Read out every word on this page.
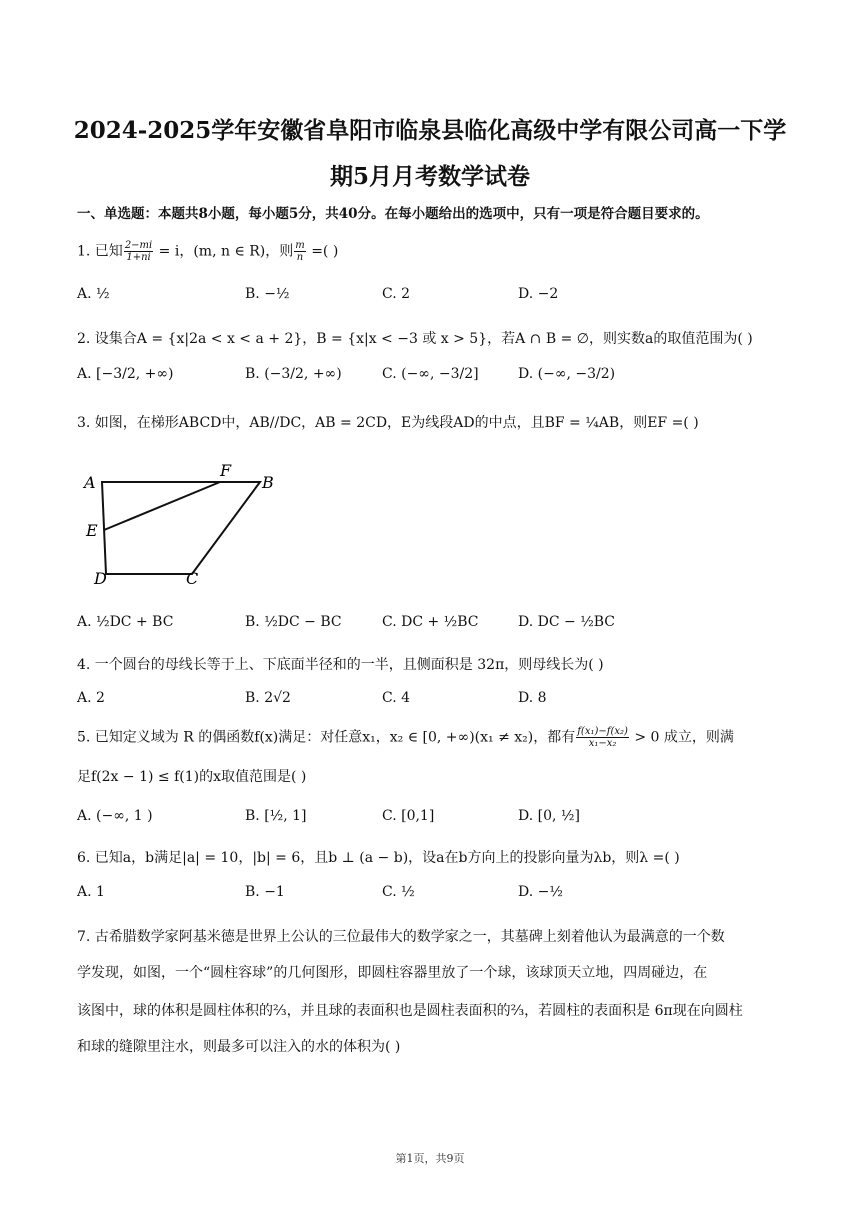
2024-2025学年安徽省阜阳市临泉县临化高级中学有限公司高一下学
期5月月考数学试卷
一、单选题：本题共8小题，每小题5分，共40分。在每小题给出的选项中，只有一项是符合题目要求的。
1. 已知 $\frac{2-mi}{1+ni} = i$，(m, n ∈ R)，则 $\frac{m}{n}$ =( )
A. ½	B. −½	C. 2	D. −2
2. 设集合A = {x|2a < x < a + 2}，B = {x|x < −3 或 x > 5}，若A ∩ B = ∅，则实数a的取值范围为( )
A. [−3/2, +∞)	B. (−3/2, +∞)	C. (−∞, −3/2]	D. (−∞, −3/2)
3. 如图，在梯形ABCD中，AB//DC，AB = 2CD，E为线段AD的中点，且BF = ¼AB，则EF =( )
A
F
B
E
D	C
A. ½DC + BC	B. ½DC − BC	C. DC + ½BC	D. DC − ½BC
4. 一个圆台的母线长等于上、下底面半径和的一半，且侧面积是 32π，则母线长为( )
A. 2	B. 2√2	C. 4	D. 8
5. 已知定义域为 R 的偶函数f(x)满足：对任意x₁，x₂ ∈ [0, +∞)(x₁ ≠ x₂)，都有 $\frac{\text{f(x₁)−f(x₂)}}{\text{x₁−x₂}} > 0$ 成立，则满
足f(2x − 1) ≤ f(1)的x取值范围是( )
A. (−∞, 1 )	B. [½, 1]	C. [0,1]	D. [0, ½]
6. 已知a，b满足|a| = 10，|b| = 6，且b ⊥ (a − b)，设a在b方向上的投影向量为λb，则λ =( )
A. 1	B. −1	C. ½	D. −½
7. 古希腊数学家阿基米德是世界上公认的三位最伟大的数学家之一，其墓碑上刻着他认为最满意的一个数
学发现，如图，一个“圆柱容球”的几何图形，即圆柱容器里放了一个球，该球顶天立地，四周碰边，在
该图中，球的体积是圆柱体积的⅔，并且球的表面积也是圆柱表面积的⅔，若圆柱的表面积是 6π现在向圆柱
和球的缝隙里注水，则最多可以注入的水的体积为( )
第1页，共9页
